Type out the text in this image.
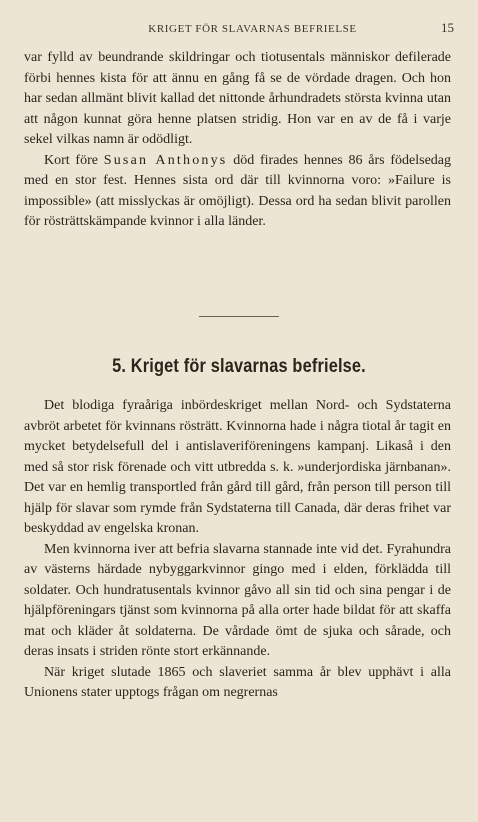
KRIGET FÖR SLAVARNAS BEFRIELSE	15

var fylld av beundrande skildringar och tiotusentals människor defilerade förbi hennes kista för att ännu en gång få se de vördade dragen. Och hon har sedan allmänt blivit kallad det nittonde århundradets största kvinna utan att någon kunnat göra henne platsen stridig. Hon var en av de få i varje sekel vilkas namn är odödligt.

Kort före Susan Anthonys död firades hennes 86 års födelsedag med en stor fest. Hennes sista ord där till kvinnorna voro: »Failure is impossible» (att misslyckas är omöjligt). Dessa ord ha sedan blivit parollen för rösträttskämpande kvinnor i alla länder.

5. Kriget för slavarnas befrielse.

Det blodiga fyraåriga inbördeskriget mellan Nord- och Sydstaterna avbröt arbetet för kvinnans rösträtt. Kvinnorna hade i några tiotal år tagit en mycket betydelsefull del i antislaveriföreningens kampanj. Likaså i den med så stor risk förenade och vitt utbredda s. k. »underjordiska järnbanan». Det var en hemlig transportled från gård till gård, från person till person till hjälp för slavar som rymde från Sydstaterna till Canada, där deras frihet var beskyddad av engelska kronan.

Men kvinnorna iver att befria slavarna stannade inte vid det. Fyrahundra av västerns härdade nybyggarkvinnor gingo med i elden, förklädda till soldater. Och hundratusentals kvinnor gåvo all sin tid och sina pengar i de hjälpföreningars tjänst som kvinnorna på alla orter hade bildat för att skaffa mat och kläder åt soldaterna. De vårdade ömt de sjuka och sårade, och deras insats i striden rönte stort erkännande.

När kriget slutade 1865 och slaveriet samma år blev upphävt i alla Unionens stater upptogs frågan om negrernas
